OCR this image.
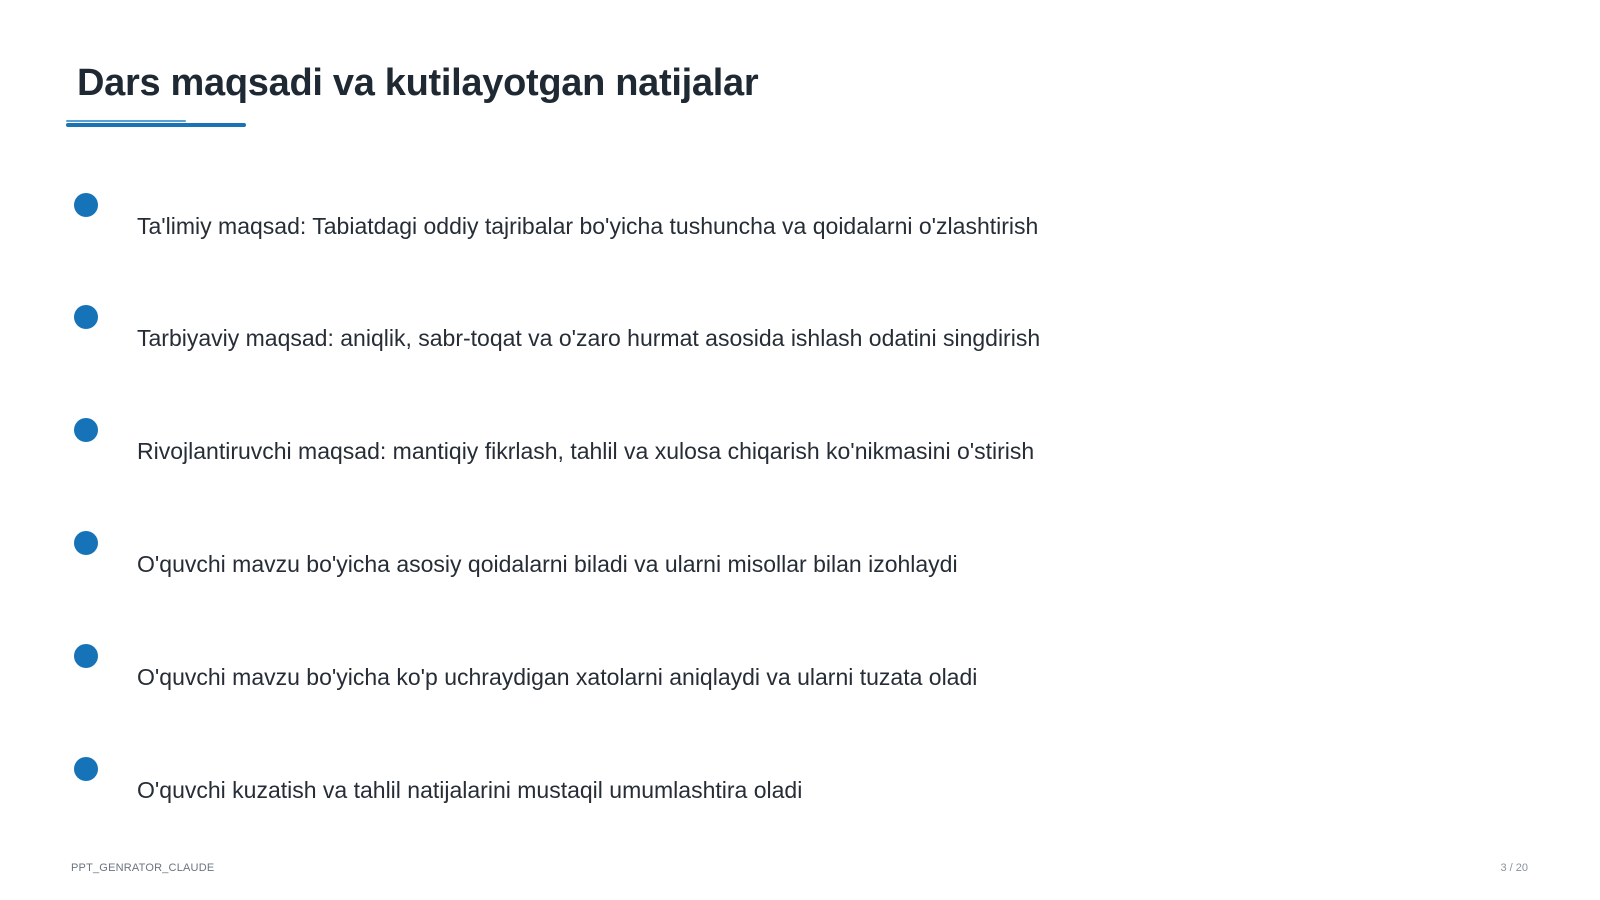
Dars maqsadi va kutilayotgan natijalar
Ta'limiy maqsad: Tabiatdagi oddiy tajribalar bo'yicha tushuncha va qoidalarni o'zlashtirish
Tarbiyaviy maqsad: aniqlik, sabr-toqat va o'zaro hurmat asosida ishlash odatini singdirish
Rivojlantiruvchi maqsad: mantiqiy fikrlash, tahlil va xulosa chiqarish ko'nikmasini o'stirish
O'quvchi mavzu bo'yicha asosiy qoidalarni biladi va ularni misollar bilan izohlaydi
O'quvchi mavzu bo'yicha ko'p uchraydigan xatolarni aniqlaydi va ularni tuzata oladi
O'quvchi kuzatish va tahlil natijalarini mustaqil umumlashtira oladi
PPT_GENRATOR_CLAUDE	3 / 20
